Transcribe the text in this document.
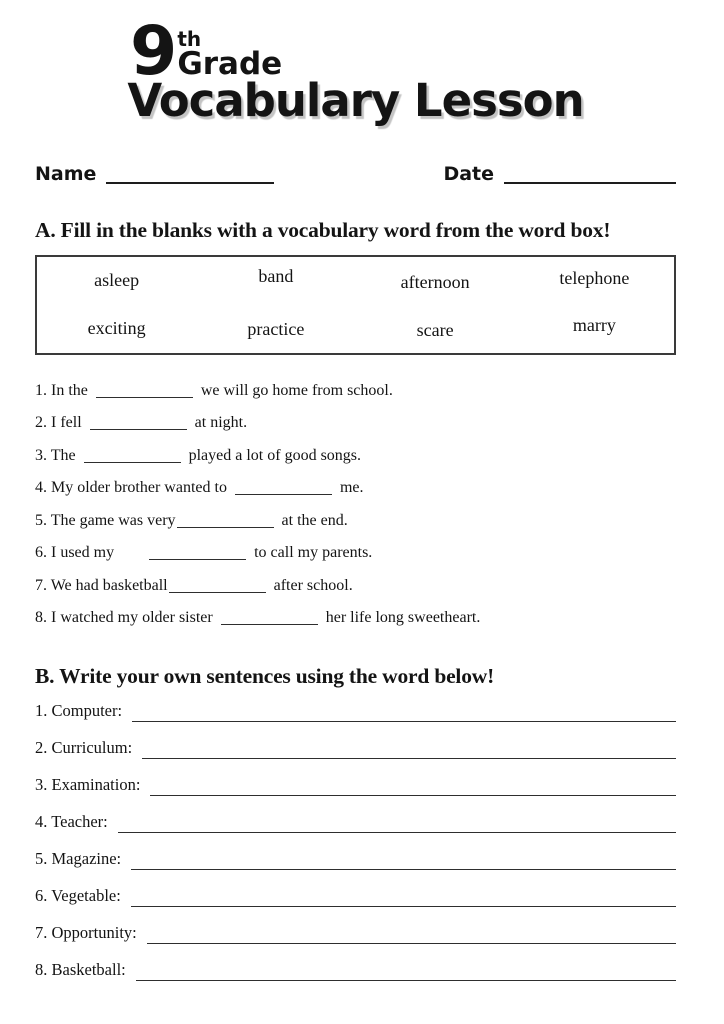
9 th
Grade
Vocabulary Lesson
Name	Date
A. Fill in the blanks with a vocabulary word from the word box!
asleep	band	afternoon	telephone
exciting	practice	scare	marry
1. In the	we will go home from school.
2. I fell	at night.
3. The	played a lot of good songs.
4. My older brother wanted to	me.
5. The game was very	at the end.
6. I used my	to call my parents.
7. We had basketball	after school.
8. I watched my older sister	her life long sweetheart.
B. Write your own sentences using the word below!
1. Computer:
2. Curriculum:
3. Examination:
4. Teacher:
5. Magazine:
6. Vegetable:
7. Opportunity:
8. Basketball:
